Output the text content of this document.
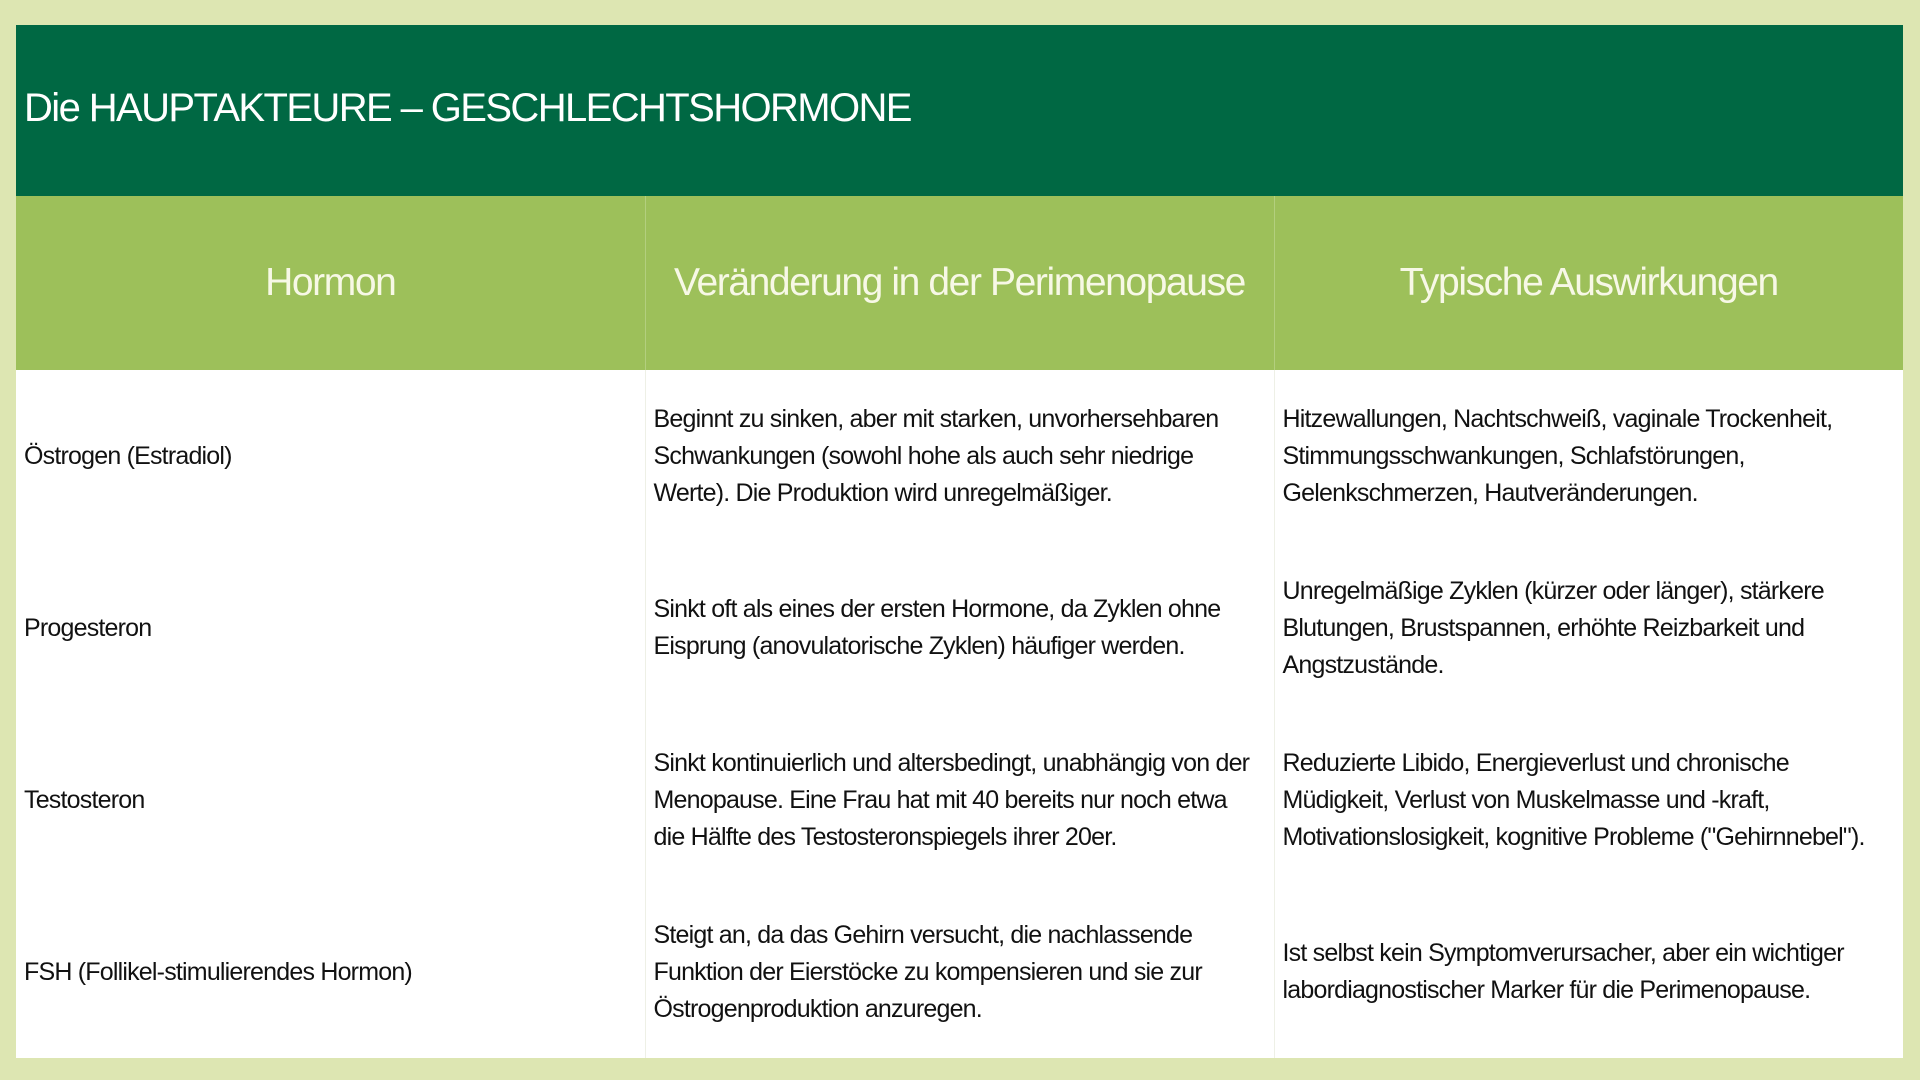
Die HAUPTAKTEURE – GESCHLECHTSHORMONE
Hormon	Veränderung in der Perimenopause	Typische Auswirkungen
Östrogen (Estradiol)	Beginnt zu sinken, aber mit starken, unvorhersehbaren Schwankungen (sowohl hohe als auch sehr niedrige Werte). Die Produktion wird unregelmäßiger.	Hitzewallungen, Nachtschweiß, vaginale Trockenheit, Stimmungsschwankungen, Schlafstörungen, Gelenkschmerzen, Hautveränderungen.
Progesteron	Sinkt oft als eines der ersten Hormone, da Zyklen ohne Eisprung (anovulatorische Zyklen) häufiger werden.	Unregelmäßige Zyklen (kürzer oder länger), stärkere Blutungen, Brustspannen, erhöhte Reizbarkeit und Angstzustände.
Testosteron	Sinkt kontinuierlich und altersbedingt, unabhängig von der Menopause. Eine Frau hat mit 40 bereits nur noch etwa die Hälfte des Testosteronspiegels ihrer 20er.	Reduzierte Libido, Energieverlust und chronische Müdigkeit, Verlust von Muskelmasse und -kraft, Motivationslosigkeit, kognitive Probleme ("Gehirnnebel").
FSH (Follikel-stimulierendes Hormon)	Steigt an, da das Gehirn versucht, die nachlassende Funktion der Eierstöcke zu kompensieren und sie zur Östrogenproduktion anzuregen.	Ist selbst kein Symptomverursacher, aber ein wichtiger labordiagnostischer Marker für die Perimenopause.
